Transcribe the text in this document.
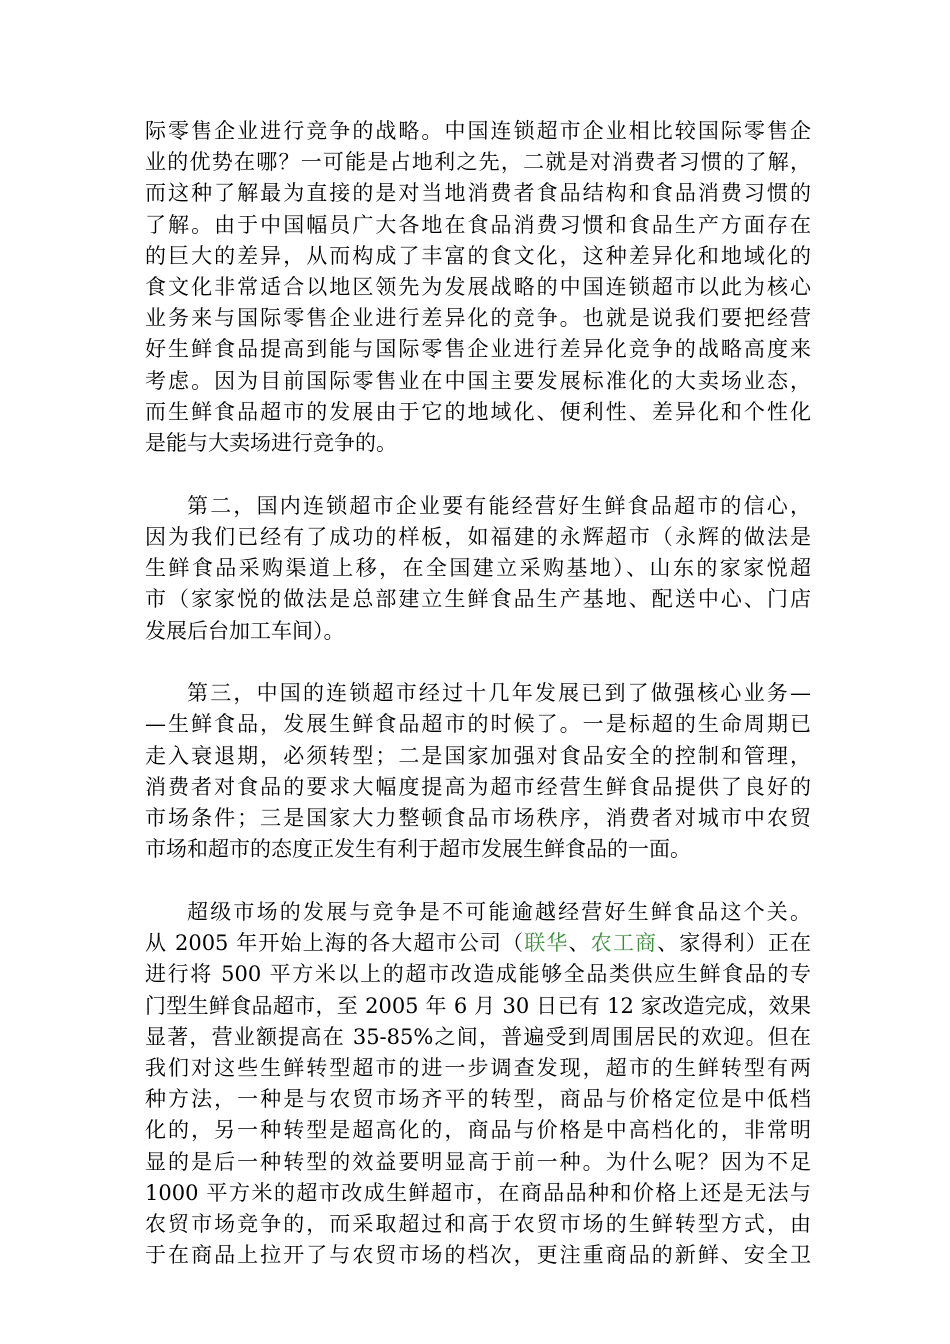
际零售企业进行竞争的战略。中国连锁超市企业相比较国际零售企
业的优势在哪？一可能是占地利之先，二就是对消费者习惯的了解，
而这种了解最为直接的是对当地消费者食品结构和食品消费习惯的
了解。由于中国幅员广大各地在食品消费习惯和食品生产方面存在
的巨大的差异，从而构成了丰富的食文化，这种差异化和地域化的
食文化非常适合以地区领先为发展战略的中国连锁超市以此为核心
业务来与国际零售企业进行差异化的竞争。也就是说我们要把经营
好生鲜食品提高到能与国际零售企业进行差异化竞争的战略高度来
考虑。因为目前国际零售业在中国主要发展标准化的大卖场业态，
而生鲜食品超市的发展由于它的地域化、便利性、差异化和个性化
是能与大卖场进行竞争的。

第二，国内连锁超市企业要有能经营好生鲜食品超市的信心，
因为我们已经有了成功的样板，如福建的永辉超市（永辉的做法是
生鲜食品采购渠道上移，在全国建立采购基地）、山东的家家悦超
市（家家悦的做法是总部建立生鲜食品生产基地、配送中心、门店
发展后台加工车间）。

第三，中国的连锁超市经过十几年发展已到了做强核心业务—
—生鲜食品，发展生鲜食品超市的时候了。一是标超的生命周期已
走入衰退期，必须转型；二是国家加强对食品安全的控制和管理，
消费者对食品的要求大幅度提高为超市经营生鲜食品提供了良好的
市场条件；三是国家大力整顿食品市场秩序，消费者对城市中农贸
市场和超市的态度正发生有利于超市发展生鲜食品的一面。

超级市场的发展与竞争是不可能逾越经营好生鲜食品这个关。
从 2005 年开始上海的各大超市公司（联华、农工商、家得利）正在
进行将 500 平方米以上的超市改造成能够全品类供应生鲜食品的专
门型生鲜食品超市，至 2005 年 6 月 30 日已有 12 家改造完成，效果
显著，营业额提高在 35-85%之间，普遍受到周围居民的欢迎。但在
我们对这些生鲜转型超市的进一步调查发现，超市的生鲜转型有两
种方法，一种是与农贸市场齐平的转型，商品与价格定位是中低档
化的，另一种转型是超高化的，商品与价格是中高档化的，非常明
显的是后一种转型的效益要明显高于前一种。为什么呢？因为不足
1000 平方米的超市改成生鲜超市，在商品品种和价格上还是无法与
农贸市场竞争的，而采取超过和高于农贸市场的生鲜转型方式，由
于在商品上拉开了与农贸市场的档次，更注重商品的新鲜、安全卫
